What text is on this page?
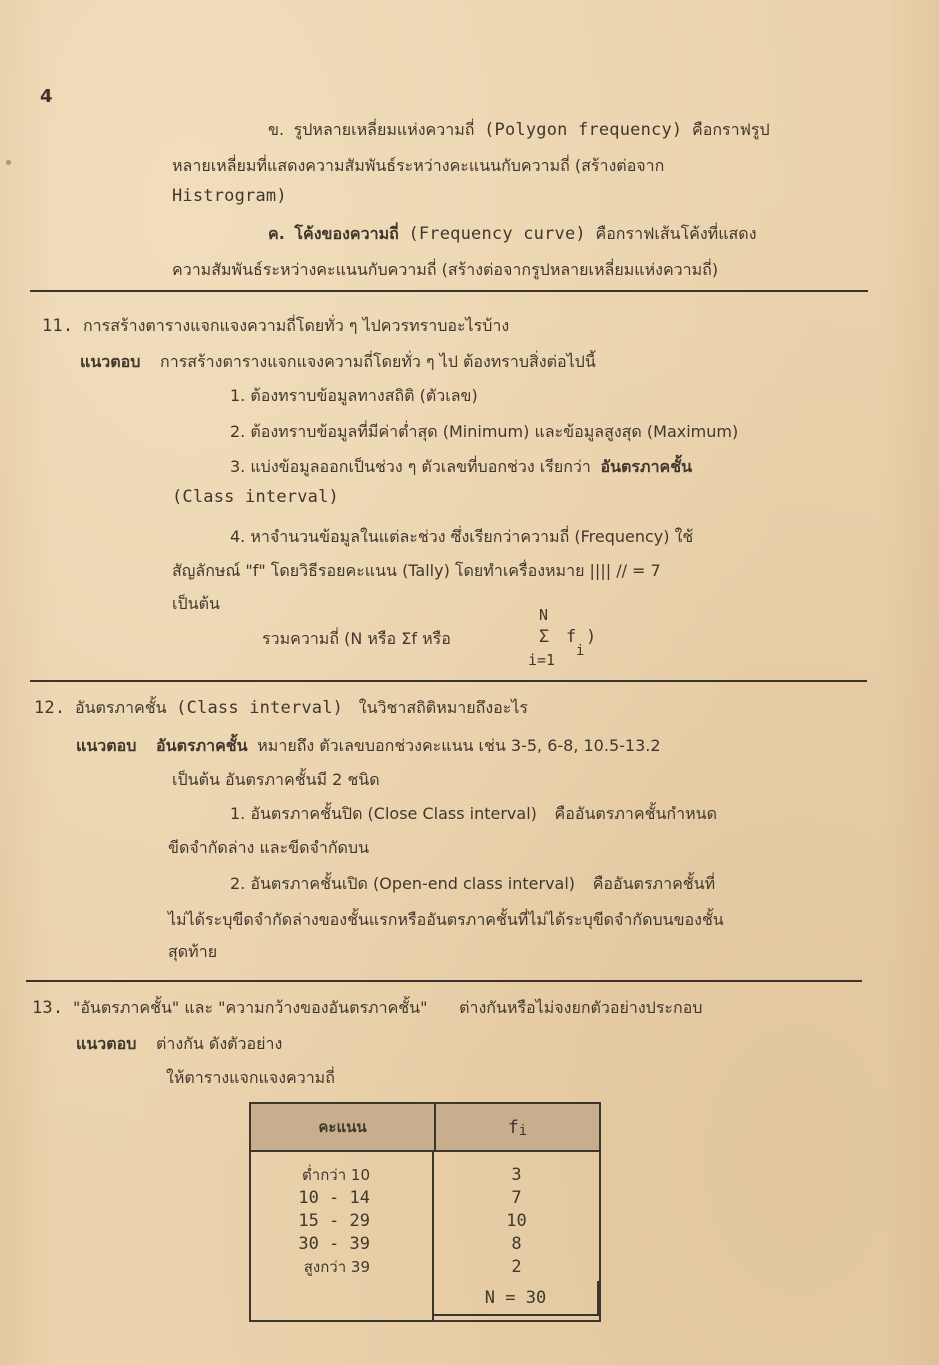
4
ข. รูปหลายเหลี่ยมแห่งความถี่ (Polygon frequency) คือกราฟรูป
หลายเหลี่ยมที่แสดงความสัมพันธ์ระหว่างคะแนนกับความถี่ (สร้างต่อจาก
Histrogram)
ค. โค้งของความถี่ (Frequency curve) คือกราฟเส้นโค้งที่แสดง
ความสัมพันธ์ระหว่างคะแนนกับความถี่ (สร้างต่อจากรูปหลายเหลี่ยมแห่งความถี่)
11. การสร้างตารางแจกแจงความถี่โดยทั่ว ๆ ไปควรทราบอะไรบ้าง
แนวตอบ การสร้างตารางแจกแจงความถี่โดยทั่ว ๆ ไป ต้องทราบสิ่งต่อไปนี้
1. ต้องทราบข้อมูลทางสถิติ (ตัวเลข)
2. ต้องทราบข้อมูลที่มีค่าต่ำสุด (Minimum) และข้อมูลสูงสุด (Maximum)
3. แบ่งข้อมูลออกเป็นช่วง ๆ ตัวเลขที่บอกช่วง เรียกว่า อันตรภาคชั้น
(Class interval)
4. หาจำนวนข้อมูลในแต่ละช่วง ซึ่งเรียกว่าความถี่ (Frequency) ใช้
สัญลักษณ์ "f" โดยวิธีรอยคะแนน (Tally) โดยทำเครื่องหมาย |||| // = 7
เป็นต้น
รวมความถี่ (N หรือ Σf หรือ
N
Σ f
i
)
i=1
12. อันตรภาคชั้น (Class interval) ในวิชาสถิติหมายถึงอะไร
แนวตอบ อันตรภาคชั้น หมายถึง ตัวเลขบอกช่วงคะแนน เช่น 3-5, 6-8, 10.5-13.2
เป็นต้น อันตรภาคชั้นมี 2 ชนิด
1. อันตรภาคชั้นปิด (Close Class interval) คืออันตรภาคชั้นกำหนด
ขีดจำกัดล่าง และขีดจำกัดบน
2. อันตรภาคชั้นเปิด (Open-end class interval) คืออันตรภาคชั้นที่
ไม่ได้ระบุขีดจำกัดล่างของชั้นแรกหรืออันตรภาคชั้นที่ไม่ได้ระบุขีดจำกัดบนของชั้น
สุดท้าย
13. "อันตรภาคชั้น" และ "ความกว้างของอันตรภาคชั้น" ต่างกันหรือไม่จงยกตัวอย่างประกอบ
แนวตอบ ต่างกัน ดังตัวอย่าง
ให้ตารางแจกแจงความถี่
คะแนน	$f_i$
ต่ำกว่า 10
10 - 14
15 - 29
30 - 39
สูงกว่า 39
3
7
10
8
2
N = 30
